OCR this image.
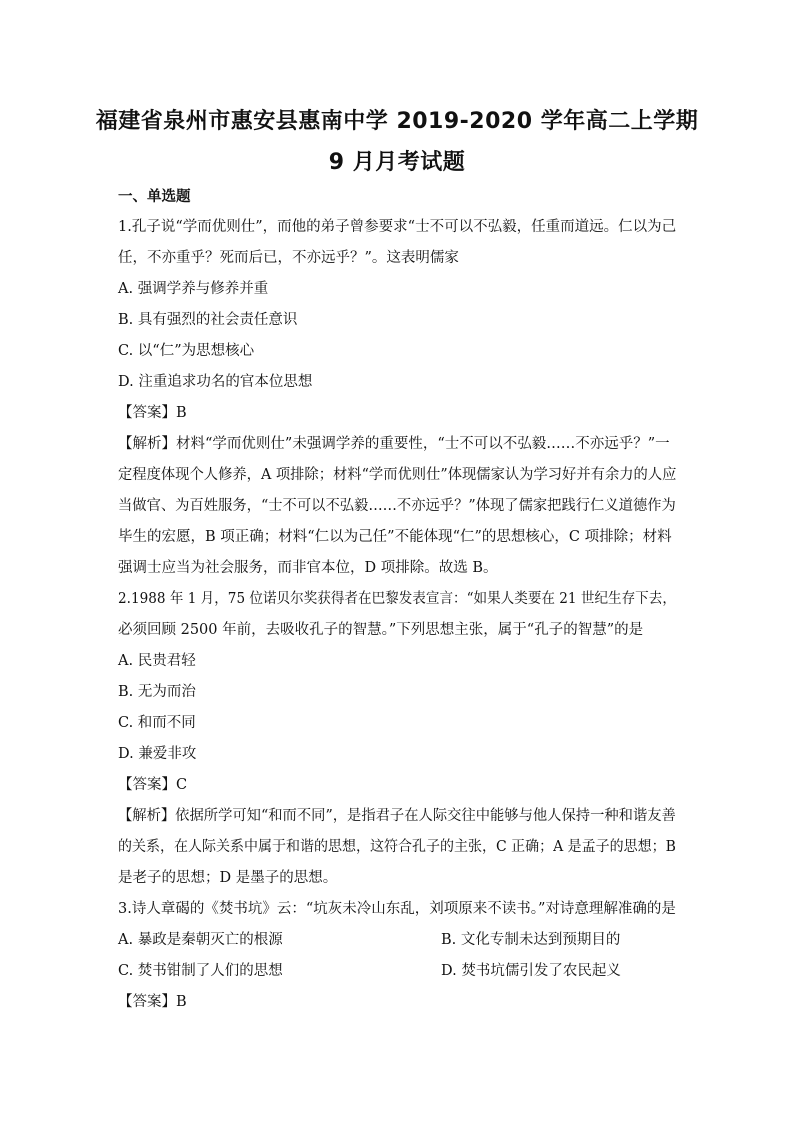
福建省泉州市惠安县惠南中学 2019-2020 学年高二上学期
9 月月考试题
一、单选题
1.孔子说“学而优则仕”，而他的弟子曾参要求“士不可以不弘毅，任重而道远。仁以为己
任，不亦重乎？死而后已，不亦远乎？”。这表明儒家
A. 强调学养与修养并重
B. 具有强烈的社会责任意识
C. 以“仁”为思想核心
D. 注重追求功名的官本位思想
【答案】B
【解析】材料“学而优则仕”未强调学养的重要性，“士不可以不弘毅……不亦远乎？”一
定程度体现个人修养，A 项排除；材料“学而优则仕”体现儒家认为学习好并有余力的人应
当做官、为百姓服务，“士不可以不弘毅……不亦远乎？”体现了儒家把践行仁义道德作为
毕生的宏愿，B 项正确；材料“仁以为己任”不能体现“仁”的思想核心，C 项排除；材料
强调士应当为社会服务，而非官本位，D 项排除。故选 B。
2.1988 年 1 月，75 位诺贝尔奖获得者在巴黎发表宣言：“如果人类要在 21 世纪生存下去，
必须回顾 2500 年前，去吸收孔子的智慧。”下列思想主张，属于“孔子的智慧”的是
A. 民贵君轻
B. 无为而治
C. 和而不同
D. 兼爱非攻
【答案】C
【解析】依据所学可知“和而不同”，是指君子在人际交往中能够与他人保持一种和谐友善
的关系，在人际关系中属于和谐的思想，这符合孔子的主张，C 正确；A 是孟子的思想；B
是老子的思想；D 是墨子的思想。
3.诗人章碣的《焚书坑》云：“坑灰未冷山东乱，刘项原来不读书。”对诗意理解准确的是
A. 暴政是秦朝灭亡的根源	B. 文化专制未达到预期目的
C. 焚书钳制了人们的思想	D. 焚书坑儒引发了农民起义
【答案】B
